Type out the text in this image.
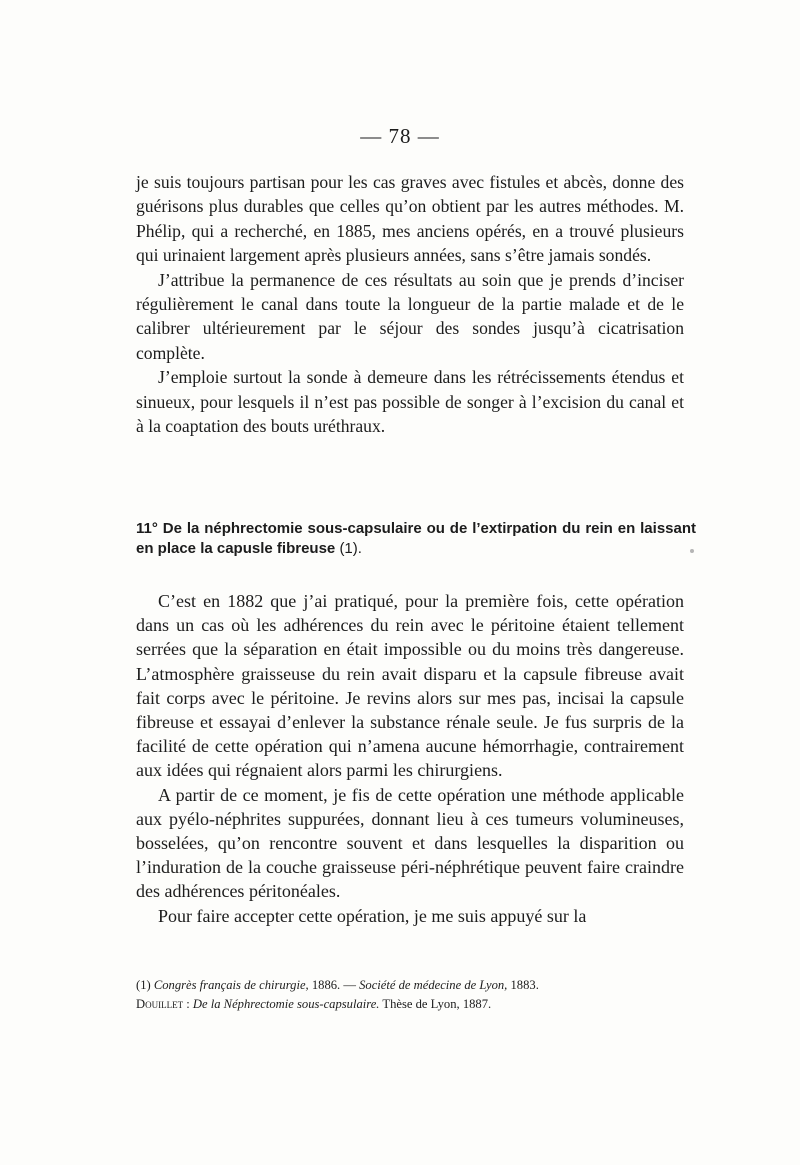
— 78 —

je suis toujours partisan pour les cas graves avec fistules et abcès, donne des guérisons plus durables que celles qu’on obtient par les autres méthodes. M. Phélip, qui a recherché, en 1885, mes anciens opérés, en a trouvé plusieurs qui urinaient largement après plusieurs années, sans s’être jamais sondés.

J’attribue la permanence de ces résultats au soin que je prends d’inciser régulièrement le canal dans toute la longueur de la partie malade et de le calibrer ultérieurement par le séjour des sondes jusqu’à cicatrisation complète.

J’emploie surtout la sonde à demeure dans les rétrécissements étendus et sinueux, pour lesquels il n’est pas possible de songer à l’excision du canal et à la coaptation des bouts uréthraux.

11° De la néphrectomie sous-capsulaire ou de l’extirpation du rein en laissant en place la capusle fibreuse (1).

C’est en 1882 que j’ai pratiqué, pour la première fois, cette opération dans un cas où les adhérences du rein avec le péritoine étaient tellement serrées que la séparation en était impossible ou du moins très dangereuse. L’atmosphère graisseuse du rein avait disparu et la capsule fibreuse avait fait corps avec le péritoine. Je revins alors sur mes pas, incisai la capsule fibreuse et essayai d’enlever la substance rénale seule. Je fus surpris de la facilité de cette opération qui n’amena aucune hémorrhagie, contrairement aux idées qui régnaient alors parmi les chirurgiens.

A partir de ce moment, je fis de cette opération une méthode applicable aux pyélo-néphrites suppurées, donnant lieu à ces tumeurs volumineuses, bosselées, qu’on rencontre souvent et dans lesquelles la disparition ou l’induration de la couche graisseuse péri-néphrétique peuvent faire craindre des adhérences péritonéales.

Pour faire accepter cette opération, je me suis appuyé sur la

(1) Congrès français de chirurgie, 1886. — Société de médecine de Lyon, 1883.

Douillet : De la Néphrectomie sous-capsulaire. Thèse de Lyon, 1887.
